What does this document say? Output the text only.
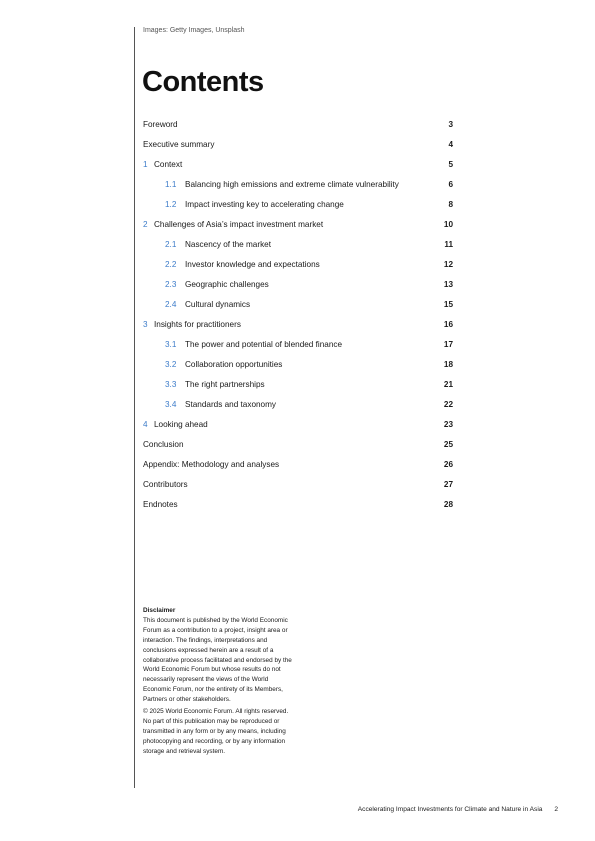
Images: Getty Images, Unsplash
Contents
Foreword	3
Executive summary	4
1 Context	5
1.1 Balancing high emissions and extreme climate vulnerability	6
1.2 Impact investing key to accelerating change	8
2 Challenges of Asia’s impact investment market	10
2.1 Nascency of the market	11
2.2 Investor knowledge and expectations	12
2.3 Geographic challenges	13
2.4 Cultural dynamics	15
3 Insights for practitioners	16
3.1 The power and potential of blended finance	17
3.2 Collaboration opportunities	18
3.3 The right partnerships	21
3.4 Standards and taxonomy	22
4 Looking ahead	23
Conclusion	25
Appendix: Methodology and analyses	26
Contributors	27
Endnotes	28
Disclaimer

This document is published by the World Economic Forum as a contribution to a project, insight area or interaction. The findings, interpretations and conclusions expressed herein are a result of a collaborative process facilitated and endorsed by the World Economic Forum but whose results do not necessarily represent the views of the World Economic Forum, nor the entirety of its Members, Partners or other stakeholders.

© 2025 World Economic Forum. All rights reserved. No part of this publication may be reproduced or transmitted in any form or by any means, including photocopying and recording, or by any information storage and retrieval system.

Accelerating Impact Investments for Climate and Nature in Asia 2
